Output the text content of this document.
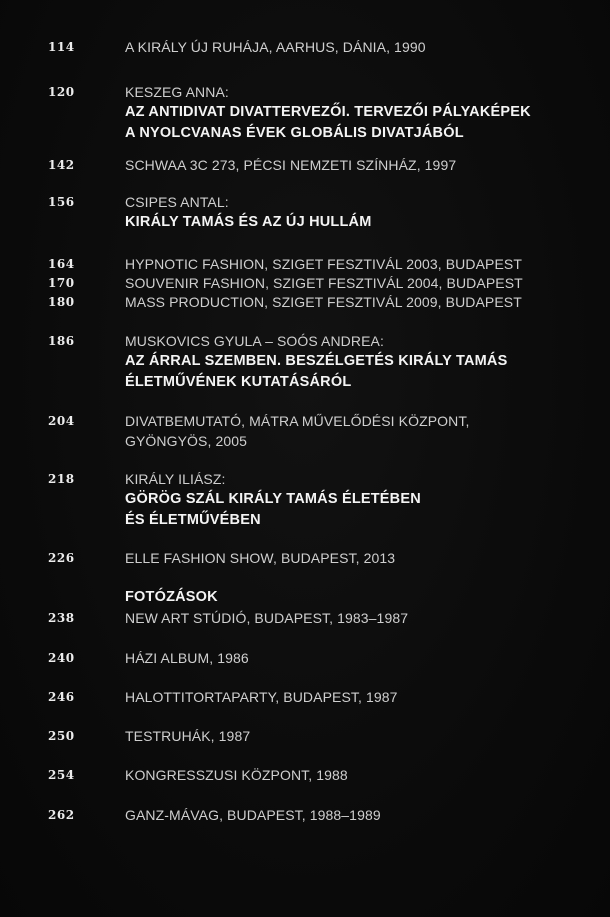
114	A KIRÁLY ÚJ RUHÁJA, AARHUS, DÁNIA, 1990
120	KESZEG ANNA:
AZ ANTIDIVAT DIVATTERVEZŐI. TERVEZŐI PÁLYAKÉPEK
A NYOLCVANAS ÉVEK GLOBÁLIS DIVATJÁBÓL
142	SCHWAA 3C 273, PÉCSI NEMZETI SZÍNHÁZ, 1997
156	CSIPES ANTAL:
KIRÁLY TAMÁS ÉS AZ ÚJ HULLÁM
164	HYPNOTIC FASHION, SZIGET FESZTIVÁL 2003, BUDAPEST
170	SOUVENIR FASHION, SZIGET FESZTIVÁL 2004, BUDAPEST
180	MASS PRODUCTION, SZIGET FESZTIVÁL 2009, BUDAPEST
186	MUSKOVICS GYULA – SOÓS ANDREA:
AZ ÁRRAL SZEMBEN. BESZÉLGETÉS KIRÁLY TAMÁS
ÉLETMŰVÉNEK KUTATÁSÁRÓL
204	DIVATBEMUTATÓ, MÁTRA MŰVELŐDÉSI KÖZPONT,
GYÖNGYÖS, 2005
218	KIRÁLY ILIÁSZ:
GÖRÖG SZÁL KIRÁLY TAMÁS ÉLETÉBEN
ÉS ÉLETMŰVÉBEN
226	ELLE FASHION SHOW, BUDAPEST, 2013
FOTÓZÁSOK
238	NEW ART STÚDIÓ, BUDAPEST, 1983–1987
240	HÁZI ALBUM, 1986
246	HALOTTITORTAPARTY, BUDAPEST, 1987
250	TESTRUHÁK, 1987
254	KONGRESSZUSI KÖZPONT, 1988
262	GANZ-MÁVAG, BUDAPEST, 1988–1989
